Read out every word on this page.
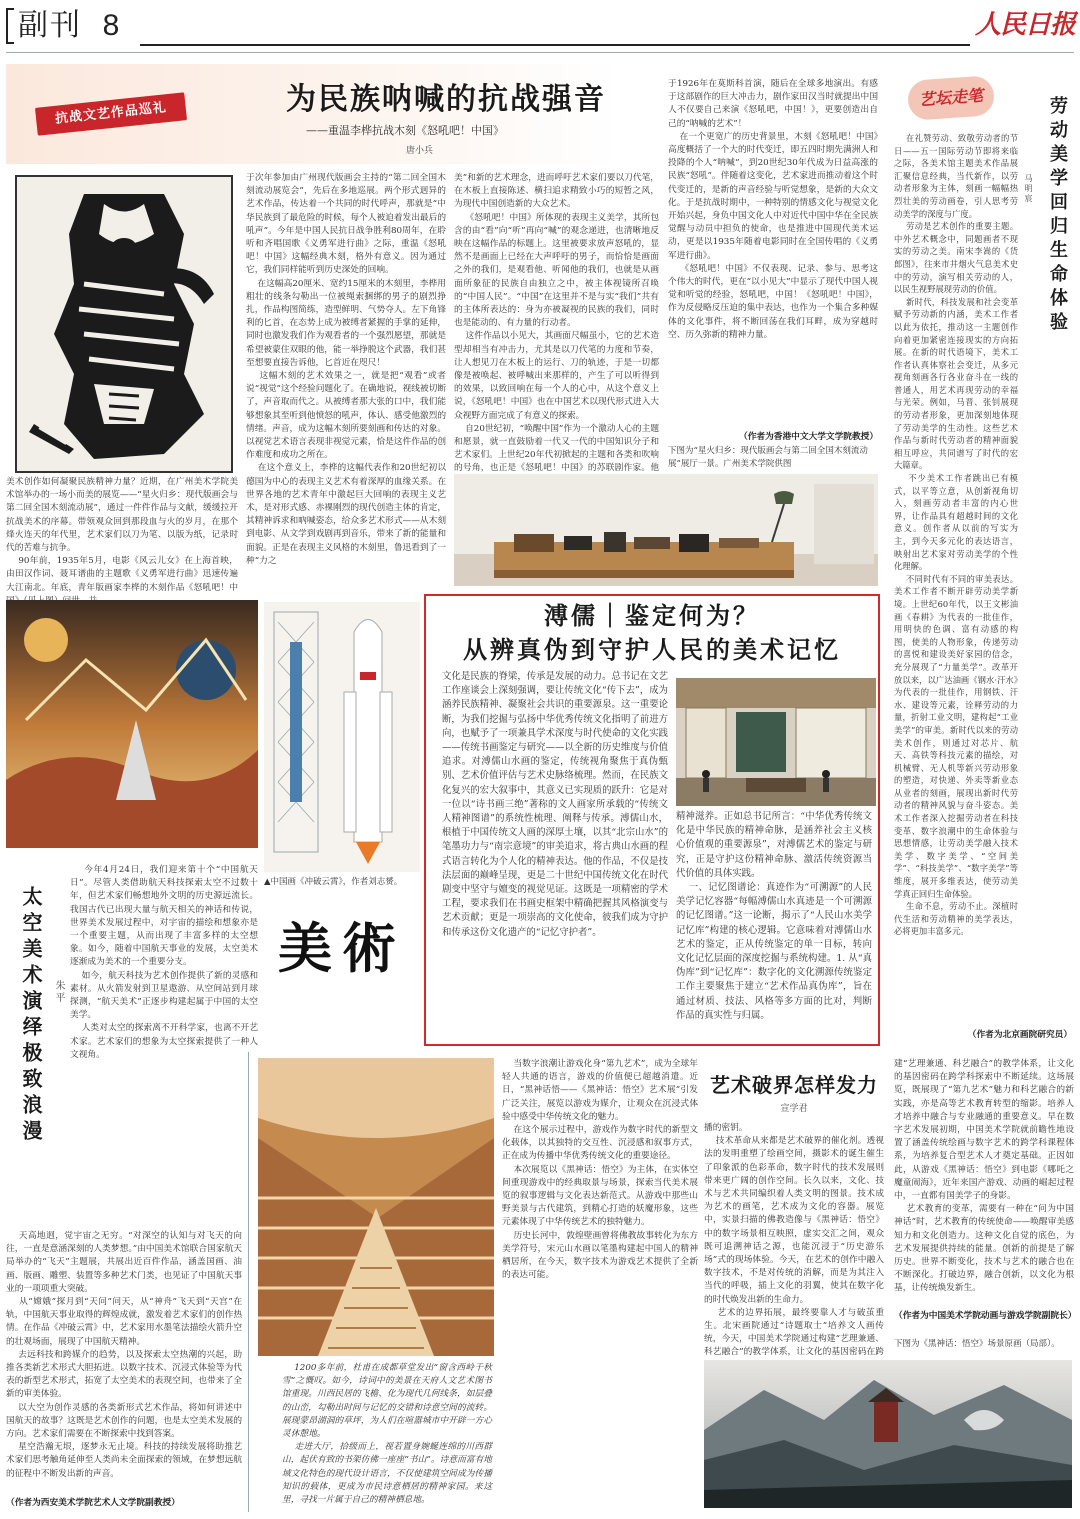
副刊 8	人民日报
抗战文艺作品巡礼	为民族呐喊的抗战强音
——重温李桦抗战木刻《怒吼吧！中国》
唐小兵
美术创作如何凝聚民族精神力量？近期，在广州美术学院美术馆举办的一场小而美的展览——“星火归乡：现代版画会与第二回全国木刻流动展”，通过一件件作品与文献，缓缓拉开抗战美术的序幕。带领观众回到那段血与火的岁月，在那个烽火连天的年代里，艺术家们以刀为笔、以版为纸，记录时代的苦难与抗争。
90年前，1935年5月，电影《风云儿女》在上海首映，由田汉作词、聂耳谱曲的主题歌《义勇军进行曲》迅速传遍大江南北。年底，青年版画家李桦的木刻作品《怒吼吧！中
于次年参加由广州现代版画会主持的“第二回全国木刻流动展览会”，先后在多地巡展。两个形式迥异的艺术作品，传达着一个共同的时代呼声，那就是“中华民族到了最危险的时候，每个人被迫着发出最后的吼声”。今年是中国人民抗日战争胜利80周年，在聆听和齐唱国歌《义勇军进行曲》之际，重温《怒吼吧！中国》这幅经典木刻，格外有意义。因为通过它，我们同样能听到历史深处的回响。
在这幅高20厘米、宽约15厘米的木刻里，李桦用粗壮的线条勾勒出一位被绳索捆绑的男子的剧烈挣扎，作品构图简练，造型鲜明、气势夺人。左下角锋利的匕首，在态势上成为被缚者紧握的手掌的延伸，同时也激发我们作为观看者的一个强烈愿望，那就是希望被蒙住双眼的他，能一举挣脱这个武器，我们甚至想要直接告诉他，匕首近在咫尺！
这幅木刻的艺术效果之一，就是把“观看”或者说“视觉”这个经验问题化了。在确地说，视线被切断了，声音取而代之。从被缚者那大张的口中，我们能够想象其至听到他愤怒的吼声，体认、感受他激烈的情绪。声音，成为这幅木刻所要刻画和传达的对象。以视觉艺术语言表现非视觉元素，恰是这件作品的创作难度和成功之所在。
在这个意义上，李桦的这幅代表作和20世纪初以德国为中心的表现主义艺术有着深厚的血缘关系。在世界各地的艺术青年中激起巨大回响的表现主义艺术，是对形式感、赤裸刚烈的现代创造主体的肯定，其精神诉求和吶喊姿态，给众多艺术形式——从木刻到电影、从文学到戏剧再到音乐，带来了新的能量和面貌。正是在表现主义风格的木刻里，鲁迅看到了一种“力之
美”和新的艺术理念，进而呼吁艺术家们要以刀代笔，在木板上直接陈述、横扫追求精致小巧的短暂之风，为现代中国创造新的大众艺术。
《怒吼吧！中国》所体现的表现主义美学，其所包含的由“看”向“听”再向“喊”的观念递进，也清晰地反映在这幅作品的标题上。这里被要求放声怒吼的，显然不是画面上已经在大声呼吁的男子，而恰恰是画面之外的我们，是观看他、听闻他的我们，也就是从画面所象征的民族自由独立之中，被主体视镜所召唤的“中国人民”。“中国”在这里并不是与实“我们”共有的主体所表达的：身为亦被凝视的民族的我们，同时也是能动的、有力量的行动者。
这件作品以小见大，其画面尺幅虽小，它的艺术造型却相当有冲击力，尤其是以刀代笔的力度和节奏，让人想见刀在木板上的运行、刀的轨迹，于是一切都像是被唤起、被呼喊出来那样的，产生了可以听得到的效果，以致回响在每一个人的心中，从这个意义上说，《怒吼吧！中国》也在中国艺术以现代形式进入大众视野方面完成了有意义的探索。
自20世纪初，“唤醒中国”作为一个激动人心的主题和愿景，就一直鼓励着一代又一代的中国知识分子和艺术家们。上世纪20年代初掀起的主题和各类和吹响的号角，也正是《怒吼吧！中国》的苏联剧作家。他
于1926年在莫斯科首演，随后在全球多地演出。有感于这部剧作的巨大冲击力，剧作家田汉当时就提出中国人不仅要自己来演《怒吼吧，中国！》，更要创造出自己的“呐喊的艺术”！
在一个更宽广的历史背景里，木刻《怒吼吧！中国》高度概括了一个大的时代变迁，即五四时期先满洲人和投降的个人“呐喊”，到20世纪30年代成为日益高涨的民族“怒吼”。伴随着这变化，艺术家进而推动着这个时代变迁的，是新的声音经验与听觉想象，是新的大众文化。于是抗战时期中，一种特别的情感文化与视觉文化开始兴起，身负中国文化人中对近代中国中华在全民族觉醒与动员中担负的使命，也是推进中国现代美术运动，更是以1935年随着电影同时在全国传唱的《义勇军进行曲》。
《怒吼吧！中国》不仅表现、记录、参与、思考这个伟大的时代，更在“以小见大”中显示了现代中国人视觉和听觉的经验，怒吼吧，中国！《怒吼吧！中国》，作为反侵略反压迫的集中表达，也作为一个集合多种媒体的文化事件，将不断回荡在我们耳畔，成为穿越时空、历久弥新的精神力量。
（作者为香港中文大学文学院教授）
下图为“星火归乡：现代版画会与第二回全国木刻流动展”展厅一景。广州美术学院供图
艺坛走笔	劳动美学回归生命体验
马明宸
在礼赞劳动、致敬劳动者的节日——五一国际劳动节即将来临之际，各美术馆主题美术作品展汇聚信息经典，当代新作，以劳动者形象为主体，刻画一幅幅热烈壮美的劳动画卷，引人思考劳动美学的深度与广度。
劳动是艺术创作的重要主题。中外艺术概念中，同题画者不现实的劳动之美。南宋李嵩的《货郎图》，往来市井烟火气息美术史中的劳动，演写相关劳动的人，以民生视野展现劳动的价值。
新时代，科技发展和社会变革赋予劳动新的内涵，美术工作者以此为依托，推动这一主题创作向着更加紧密连接现实的方向拓展。在新的时代语境下，美术工作者认真体察社会变迁，从多元视角刻画各行各业奋斗在一线的普通人，用艺术再现劳动的幸福与光荣。例如，马晋、张钊展现的劳动者形象，更加深刻地体现了劳动美学的生动性。这些艺术作品与新时代劳动者的精神面貌相互呼应，共同谱写了时代的宏大篇章。
不少美术工作者跳出已有模式，以平等立意，从创新视角切入，刻画劳动者丰富的内心世界，让作品具有超越时间的文化意义。创作者从以前的写实为主，到今天多元化的表达语言，映射出艺术家对劳动美学的个性化理解。
不同时代有不同的审美表达。美术工作者不断开辟劳动美学新境。上世纪60年代，以王文彬油画《春耕》为代表的一批佳作，用明快的色调、富有动感的构图，使美的人物形象，传递劳动的喜悦和建设美好家园的信念，充分展现了“力量美学”。改革开放以来，以广达油画《钢水·汗水》为代表的一批佳作，用钢铁、汗水、建设等元素，诠释劳动的力量，折射工业文明，建构起“工业美学”的审美。新时代以来的劳动美术创作，则通过对芯片、航天、高铁等科技元素的描绘，对机械臂、无人机等新兴劳动形象的塑造，对快递、外卖等新业态从业者的刻画，展现出新时代劳动者的精神风貌与奋斗姿态。美术工作者深入挖掘劳动者在科技变革、数字浪潮中的生命体验与思想情感，让劳动美学融入技术美学、数字美学、“空间美学”、“科技美学”、“数字美学”等维度，展开多维表达，使劳动美学真正回归生命体验。
生命不息，劳动不止。深植时代生活和劳动精神的美学表达，必将更加丰富多元。
（作者为北京画院研究员）
▲中国画《冲破云霄》，作者刘志赟。
美術
太空美术演绎极致浪漫	朱平
今年4月24日，我们迎来第十个“中国航天日”。尽管人类借助航天科技探索太空不过数十年，但艺术家们畅想地外文明的历史源远流长。我国古代已出现大量与航天相关的神话和传说，世界美术发展过程中，对宇宙的描绘和想象亦是一个重要主题，从而出现了丰富多样的太空想象。如今，随着中国航天事业的发展，太空美术逐渐成为美术的一个重要分支。
如今，航天科技为艺术创作提供了新的灵感和素材。从火箭发射到卫星遨游、从空间站到月球探测，“航天美术”正逐步构建起属于中国的太空美学。
人类对太空的探索离不开科学家，也离不开艺术家。艺术家们的想象为太空探索提供了一种人文视角。
天高地迥，觉宇宙之无穷。“对深空的认知与对飞天的向往，一直是意涵深刻的人类梦想。”由中国美术馆联合国家航天局举办的“飞天”主题展，共展出近百件作品，涵盖国画、油画、版画、雕塑、装置等多种艺术门类，也见证了中国航天事业的一项项重大突破。
从“嫦娥”探月到“天问”问天，从“神舟”飞天到“天宫”在轨，中国航天事业取得的辉煌成就，激发着艺术家们的创作热情。在作品《冲破云霄》中，艺术家用水墨笔法描绘火箭升空的壮观场面，展现了中国航天精神。
去远科技和跨媒介的趋势，以及探索太空热潮的兴起，助推各类新艺术形式大胆拓进。以数字技术、沉浸式体验等为代表的新型艺术形式，拓宽了太空美术的表现空间，也带来了全新的审美体验。
以大空为创作灵感的各类新形式艺术作品，将如何讲述中国航天的故事？这既是艺术创作的问题，也是太空美术发展的方向。艺术家们需要在不断探索中找到答案。
星空浩瀚无垠，逐梦永无止境。科技的持续发展将助推艺术家们思考触角延伸至人类尚未全面探索的领域，在梦想远航的征程中不断发出新的声音。
（作者为西安美术学院艺术人文学院副教授）
溥儒｜鉴定何为？
从辨真伪到守护人民的美术记忆
文化是民族的脊梁，传承是发展的动力。总书记在文艺工作座谈会上深刻强调，要让传统文化“传下去”，成为涵养民族精神、凝聚社会共识的重要源泉。这一重要论断，为我们挖掘与弘扬中华优秀传统文化指明了前进方向，也赋予了一项兼具学术深度与时代使命的文化实践——传统书画鉴定与研究——以全新的历史维度与价值追求。对溥儒山水画的鉴定，传统视角聚焦于真伪甄别、艺术价值评估与艺术史脉络梳理。然而，在民族文化复兴的宏大叙事中，其意义已实现质的跃升：它是对一位以“诗书画三绝”著称的文人画家所承载的“传统文人精神图谱”的系统性梳理、阐释与传承。溥儒山水，根植于中国传统文人画的深厚土壤，以其“北宗山水”的笔墨功力与“南宗意境”的审美追求，将古典山水画的程式语言转化为个人化的精神表达。他的作品，不仅是技法层面的巅峰呈现，更是二十世纪中国传统文化在时代剧变中坚守与嬗变的视觉见证。这既是一项精密的学术工程，要求我们在书画史框架中精确把握其风格演变与艺术贡献；更是一项崇高的文化使命，彼我们成为守护和传承这份文化遗产的“记忆守护者”。
精神滋养。正如总书记所言：“中华优秀传统文化是中华民族的精神命脉，是涵养社会主义核心价值观的重要源泉”，对溥儒艺术的鉴定与研究，正是守护这份精神命脉、激活传统资源当代价值的具体实践。
一、记忆图谱论：真迹作为“可溯源”的人民美学记忆容器“每幅溥儒山水真迹是一个可溯源的记忆图谱。”这一论断，揭示了“人民山水美学记忆库”构建的核心逻辑。它意味着对溥儒山水艺术的鉴定，正从传统鉴定的单一目标，转向文化记忆层面的深度挖掘与系统构建。1. 从“真伪库”到“记忆库”：数字化的文化溯源传统鉴定工作主要聚焦于建立“艺术作品真伪库”，旨在通过材质、技法、风格等多方面的比对，判断作品的真实性与归属。
1200多年前，杜甫在成都草堂发出“窗含西岭千秋雪”之慨叹。如今，诗词中的美景在天府人文艺术图书馆重现。川西民居的飞檐、化为现代几何线条，如层叠的山峦，勾勒出时间与记忆的交错和诗意空间的流转。展现蒙昂湖洞的草坪，为人们在喧嚣城市中开辟一方心灵休憩地。
走进大厅，拾级而上，视若置身婉蜒连绵的川西群山，起伏有致的书架仿佛一座座“书山”。诗意而富有地域文化特色的现代设计语言，不仅使建筑空间成为传播知识的载体，更成为市民诗意栖居的精神家园。来这里，寻找一片属于自己的精神栖息地。
当数字浪潮让游戏化身“第九艺术”，成为全球年轻人共通的语言，游戏的价值便已超越消遣。近日，“黑神话悟——《黑神话：悟空》艺术展”引发广泛关注，展览以游戏为媒介，让观众在沉浸式体验中感受中华传统文化的魅力。
在这个展示过程中，游戏作为数字时代的新型文化载体，以其独特的交互性、沉浸感和叙事方式，正在成为传播中华优秀传统文化的重要途径。
本次展览以《黑神话：悟空》为主体，在实体空间重现游戏中的经典取景与场景，探索当代美术展览的叙事逻辑与文化表达新范式。从游戏中那些山野美景与古代建筑，到精心打造的妖魔形象，这些元素体现了中华传统艺术的独特魅力。
历史长河中，敦煌壁画曾将佛教故事转化为东方美学符号，宋元山水画以笔墨构建起中国人的精神栖居所，在今天，数字技术为游戏艺术提供了全新的表达可能。
艺术破界怎样发力
宣学君
播的密钥。
技术革命从来都是艺术破界的催化剂。透视法的发明重塑了绘画空间，摄影术的诞生催生了印象派的色彩革命，数字时代的技术发展则带来更广阔的创作空间。长久以来，文化、技术与艺术共同编织着人类文明的图景。技术成为艺术的画笔，艺术成为文化的容器。展览中，实景扫描的佛教造像与《黑神话：悟空》中的数字场景相互映照，虚实交汇之间，观众既可追溯神话之源，也能沉浸于“历史游乐场”式的现场体验。今天，在艺术的创作中融入数字技术，不是对传统的消解，而是为其注入当代的呼吸，插上文化的羽翼，使其在数字化的时代焕发出新的生命力。
艺术的边界拓展，最终要靠人才与破茧重生。北宋画院通过“诗题取士”培养文人画传统，今天，中国美术学院通过构建“艺理兼通、科艺融合”的教学体系，让文化的基因密码在跨
建“艺理兼通、科艺融合”的教学体系，让文化的基因密码在跨学科探索中不断延续。这场展览，既展现了“第九艺术”魅力和科艺融合的新实践，亦是高等艺术教育转型的缩影。培养人才培养中融合与专业融通的重要意义。早在数字艺术发展初期，中国美术学院就前瞻性地设置了涵盖传统绘画与数字艺术的跨学科课程体系，为培养复合型艺术人才奠定基础。正因如此，从游戏《黑神话：悟空》到电影《哪吒之魔童闹海》，近年来国产游戏、动画的崛起过程中，一直都有国美学子的身影。
艺术教育的变革，需要有一种在“问为中国神话”时，艺术教育的传统使命——唤醒审美感知力和文化创造力。这种文化自觉的底色，为艺术发展提供持续的能量。创新的前提是了解历史。世界不断变化，技术与艺术的融合也在不断深化。打破边界，融合创新，以文化为根基，让传统焕发新生。
（作者为中国美术学院动画与游戏学院副院长）
下图为《黑神话：悟空》场景原画（局部）。
